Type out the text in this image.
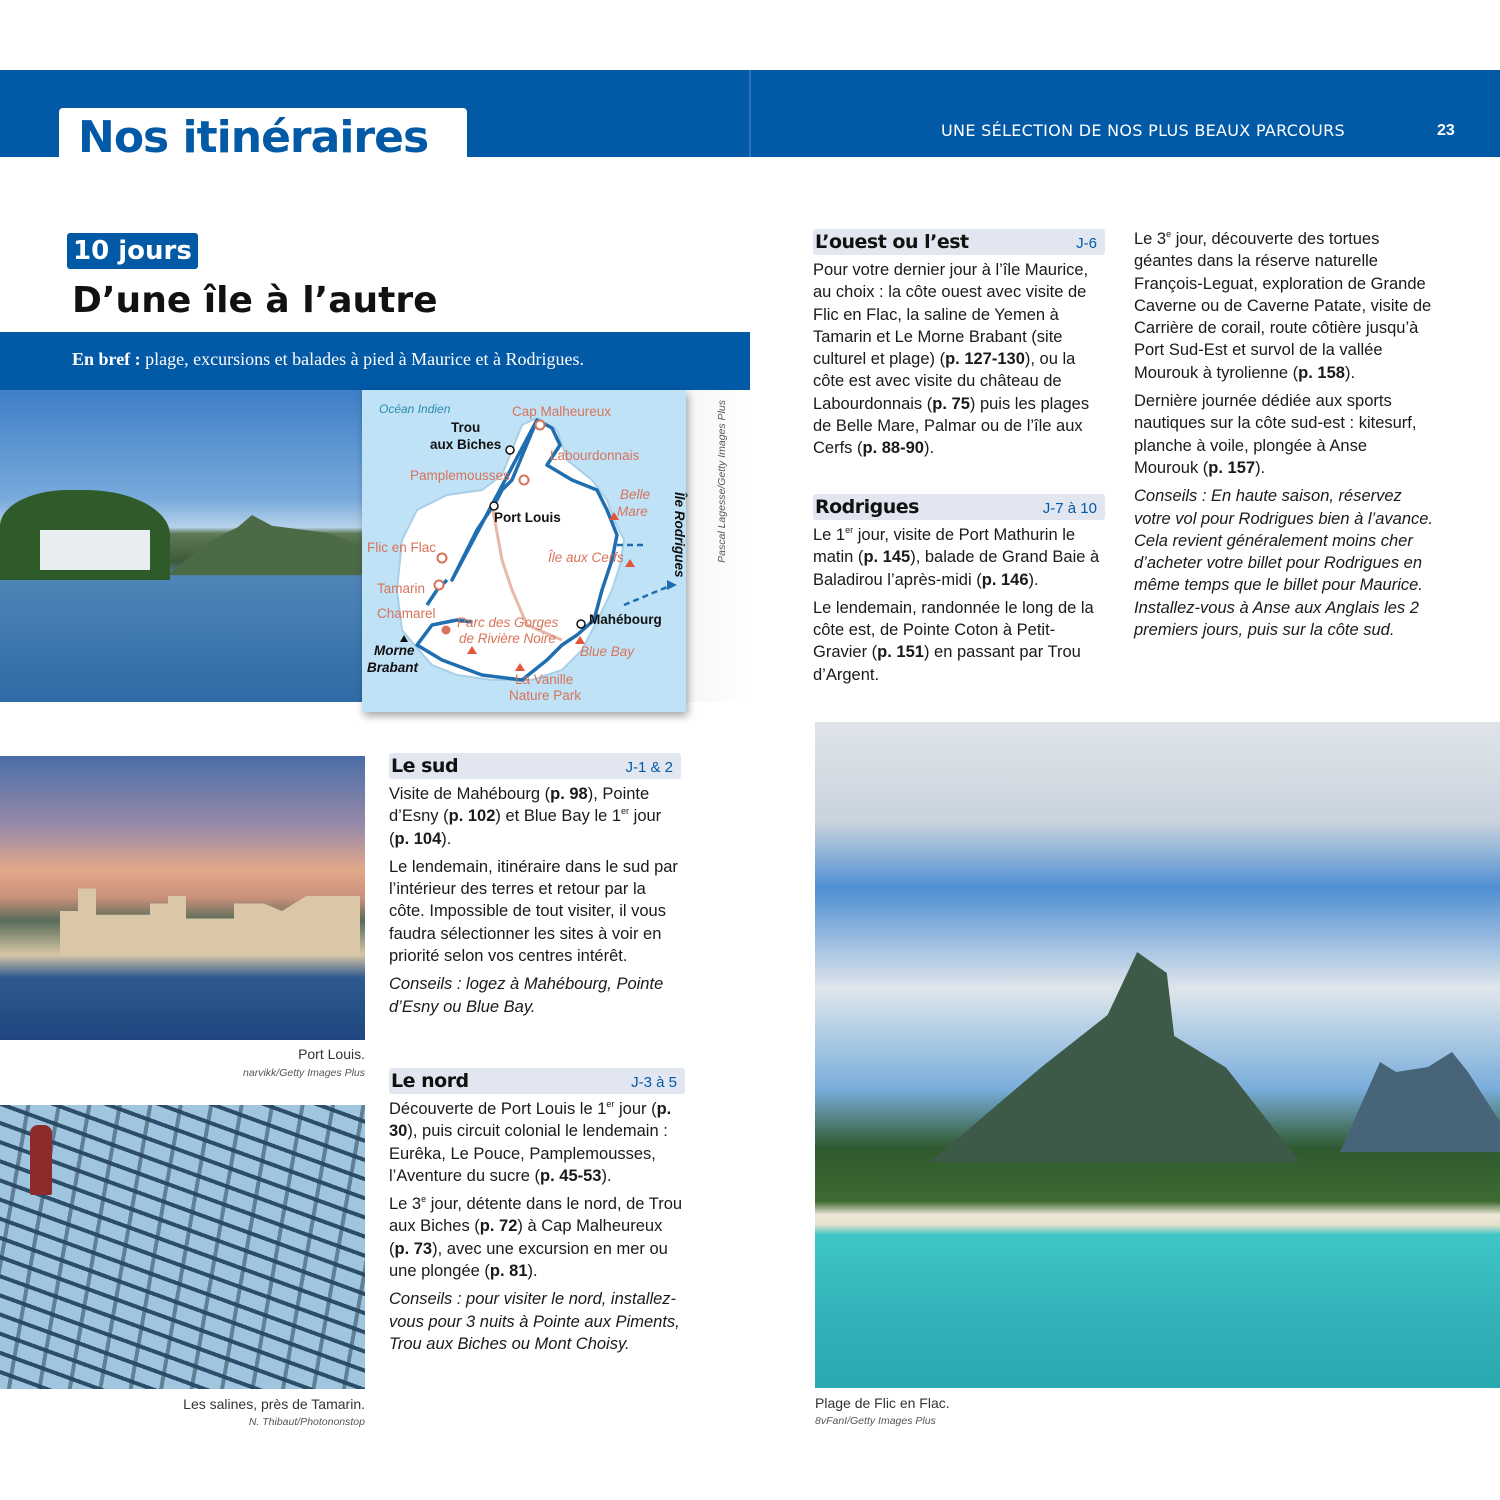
Nos itinéraires	UNE SÉLECTION DE NOS PLUS BEAUX PARCOURS	23
10 jours
D’une île à l’autre
En bref : plage, excursions et balades à pied à Maurice et à Rodrigues.
Océan Indien	Cap Malheureux
Trou
aux Biches
Labourdonnais
Pamplemousses
Belle
Mare
Port Louis
Flic en Flac
Île aux Cerfs
Tamarin
Chamarel
Parc des Gorges
de Rivière Noire
Mahébourg
Morne
Brabant
Blue Bay
La Vanille
Nature Park
Île Rodrigues	Pascal Lagesse/Getty Images Plus
Port Louis.
narvikk/Getty Images Plus
Les salines, près de Tamarin.
N. Thibaut/Photononstop
Le sud	J-1 & 2

Visite de Mahébourg (p. 98), Pointe d’Esny (p. 102) et Blue Bay le 1er jour (p. 104).

Le lendemain, itinéraire dans le sud par l’intérieur des terres et retour par la côte. Impossible de tout visiter, il vous faudra sélectionner les sites à voir en priorité selon vos centres intérêt.

Conseils : logez à Mahébourg, Pointe d’Esny ou Blue Bay.

Le nord	J-3 à 5

Découverte de Port Louis le 1er jour (p. 30), puis circuit colonial le lendemain : Eurêka, Le Pouce, Pamplemousses, l’Aventure du sucre (p. 45-53).

Le 3e jour, détente dans le nord, de Trou aux Biches (p. 72) à Cap Malheureux (p. 73), avec une excursion en mer ou une plongée (p. 81).

Conseils : pour visiter le nord, installez-vous pour 3 nuits à Pointe aux Piments, Trou aux Biches ou Mont Choisy.

L’ouest ou l’est	J-6

Pour votre dernier jour à l’île Maurice, au choix : la côte ouest avec visite de Flic en Flac, la saline de Yemen à Tamarin et Le Morne Brabant (site culturel et plage) (p. 127-130), ou la côte est avec visite du château de Labourdonnais (p. 75) puis les plages de Belle Mare, Palmar ou de l’île aux Cerfs (p. 88-90).

Rodrigues	J-7 à 10

Le 1er jour, visite de Port Mathurin le matin (p. 145), balade de Grand Baie à Baladirou l’après-midi (p. 146).

Le lendemain, randonnée le long de la côte est, de Pointe Coton à Petit-Gravier (p. 151) en passant par Trou d’Argent.

Le 3e jour, découverte des tortues géantes dans la réserve naturelle François-Leguat, exploration de Grande Caverne ou de Caverne Patate, visite de Carrière de corail, route côtière jusqu’à Port Sud-Est et survol de la vallée Mourouk à tyrolienne (p. 158).

Dernière journée dédiée aux sports nautiques sur la côte sud-est : kitesurf, planche à voile, plongée à Anse Mourouk (p. 157).

Conseils : En haute saison, réservez votre vol pour Rodrigues bien à l’avance. Cela revient généralement moins cher d’acheter votre billet pour Rodrigues en même temps que le billet pour Maurice.

Installez-vous à Anse aux Anglais les 2 premiers jours, puis sur la côte sud.

Plage de Flic en Flac.
8vFanI/Getty Images Plus
